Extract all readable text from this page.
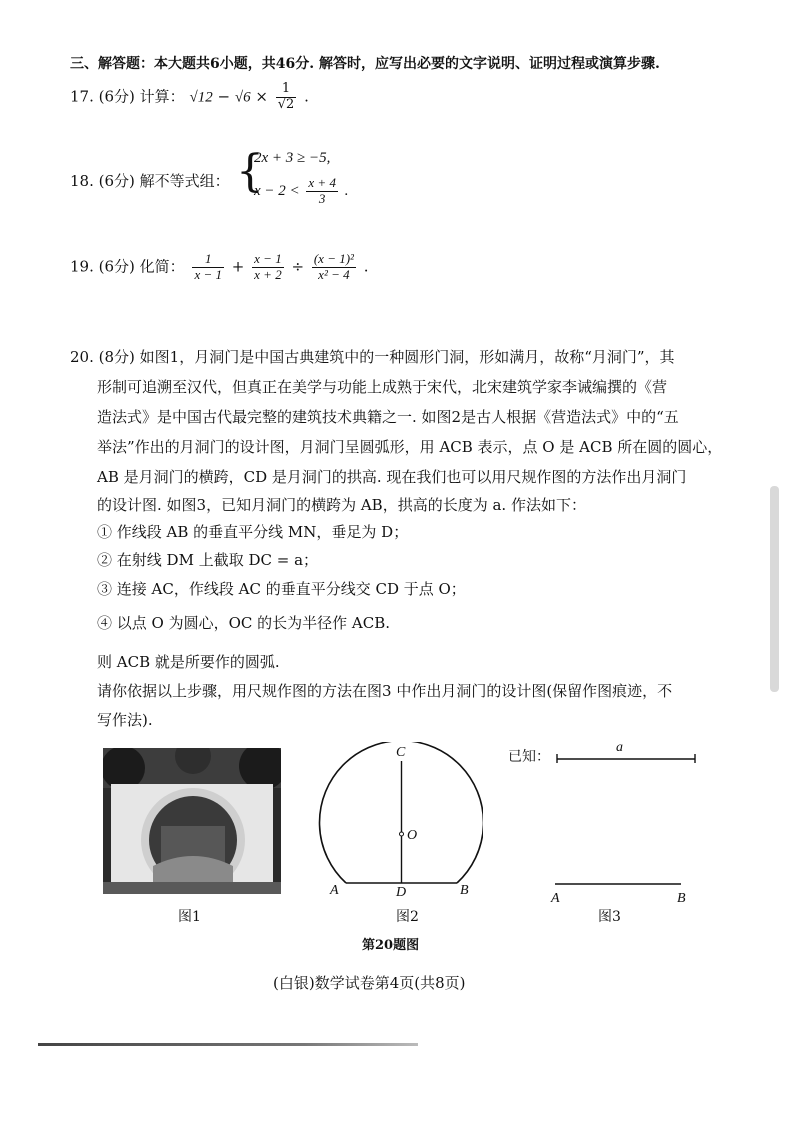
三、解答题：本大题共6小题，共46分. 解答时，应写出必要的文字说明、证明过程或演算步骤.
17. (6分) 计算： $√12 - √6 \times \frac{1}{√2}$ .
18. (6分) 解不等式组： {
2x + 3 ≥ −5,
$x - 2 < \frac{x + 4}{3}$ .
19. (6分) 化简： $\frac{1}{x - 1} + \frac{x - 1}{x + 2} \div \frac{\text{(x − 1)²}}{\text{x² − 4}}$ .
20. (8分) 如图1，月洞门是中国古典建筑中的一种圆形门洞，形如满月，故称“月洞门”，其
形制可追溯至汉代，但真正在美学与功能上成熟于宋代，北宋建筑学家李诫编撰的《营
造法式》是中国古代最完整的建筑技术典籍之一. 如图2是古人根据《营造法式》中的“五
举法”作出的月洞门的设计图，月洞门呈圆弧形，用 ACB 表示，点 O 是 ACB 所在圆的圆心，
AB 是月洞门的横跨，CD 是月洞门的拱高. 现在我们也可以用尺规作图的方法作出月洞门
的设计图. 如图3，已知月洞门的横跨为 AB，拱高的长度为 a. 作法如下：
① 作线段 AB 的垂直平分线 MN，垂足为 D；
② 在射线 DM 上截取 DC = a；
③ 连接 AC，作线段 AC 的垂直平分线交 CD 于点 O；
④ 以点 O 为圆心，OC 的长为半径作 ACB.
则 ACB 就是所要作的圆弧.
请你依据以上步骤，用尺规作图的方法在图3 中作出月洞门的设计图(保留作图痕迹，不
写作法).
图1
C
O
A	D	B
图2
已知：
a
A	B
图3
第20题图
(白银)数学试卷第4页(共8页)
